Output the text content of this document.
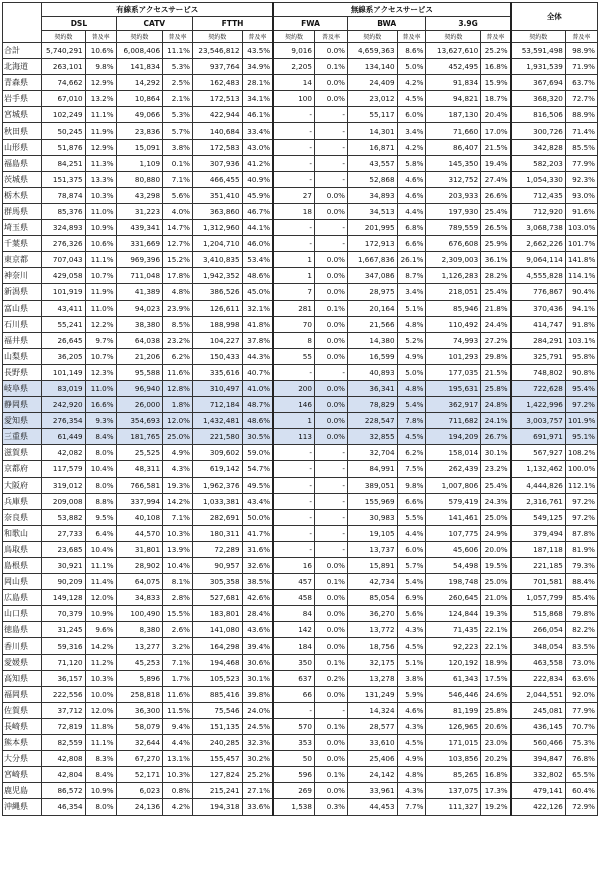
	有線系アクセスサービス						無線系アクセスサービス						全体	
	DSL		CATV		FTTH		FWA		BWA		3.9G			
	契約数	普及率	契約数	普及率	契約数	普及率	契約数	普及率	契約数	普及率	契約数	普及率	契約数	普及率
合計	5,740,291	10.6%	6,008,406	11.1%	23,546,812	43.5%	9,016	0.0%	4,659,363	8.6%	13,627,610	25.2%	53,591,498	98.9%
北海道	263,101	9.8%	141,834	5.3%	937,764	34.9%	2,205	0.1%	134,140	5.0%	452,495	16.8%	1,931,539	71.9%
青森県	74,662	12.9%	14,292	2.5%	162,483	28.1%	14	0.0%	24,409	4.2%	91,834	15.9%	367,694	63.7%
岩手県	67,010	13.2%	10,864	2.1%	172,513	34.1%	100	0.0%	23,012	4.5%	94,821	18.7%	368,320	72.7%
宮城県	102,249	11.1%	49,066	5.3%	422,944	46.1%	-	-	55,117	6.0%	187,130	20.4%	816,506	88.9%
秋田県	50,245	11.9%	23,836	5.7%	140,684	33.4%	-	-	14,301	3.4%	71,660	17.0%	300,726	71.4%
山形県	51,876	12.9%	15,091	3.8%	172,583	43.0%	-	-	16,871	4.2%	86,407	21.5%	342,828	85.5%
福島県	84,251	11.3%	1,109	0.1%	307,936	41.2%	-	-	43,557	5.8%	145,350	19.4%	582,203	77.9%
茨城県	151,375	13.3%	80,880	7.1%	466,455	40.9%	-	-	52,868	4.6%	312,752	27.4%	1,054,330	92.3%
栃木県	78,874	10.3%	43,298	5.6%	351,410	45.9%	27	0.0%	34,893	4.6%	203,933	26.6%	712,435	93.0%
群馬県	85,376	11.0%	31,223	4.0%	363,860	46.7%	18	0.0%	34,513	4.4%	197,930	25.4%	712,920	91.6%
埼玉県	324,893	10.9%	439,341	14.7%	1,312,960	44.1%	-	-	201,995	6.8%	789,559	26.5%	3,068,738	103.0%
千葉県	276,326	10.6%	331,669	12.7%	1,204,710	46.0%	-	-	172,913	6.6%	676,608	25.9%	2,662,226	101.7%
東京都	707,043	11.1%	969,396	15.2%	3,410,835	53.4%	1	0.0%	1,667,836	26.1%	2,309,003	36.1%	9,064,114	141.8%
神奈川	429,058	10.7%	711,048	17.8%	1,942,352	48.6%	1	0.0%	347,086	8.7%	1,126,283	28.2%	4,555,828	114.1%
新潟県	101,919	11.9%	41,389	4.8%	386,526	45.0%	7	0.0%	28,975	3.4%	218,051	25.4%	776,867	90.4%
富山県	43,411	11.0%	94,023	23.9%	126,611	32.1%	281	0.1%	20,164	5.1%	85,946	21.8%	370,436	94.1%
石川県	55,241	12.2%	38,380	8.5%	188,998	41.8%	70	0.0%	21,566	4.8%	110,492	24.4%	414,747	91.8%
福井県	26,645	9.7%	64,038	23.2%	104,227	37.8%	8	0.0%	14,380	5.2%	74,993	27.2%	284,291	103.1%
山梨県	36,205	10.7%	21,206	6.2%	150,433	44.3%	55	0.0%	16,599	4.9%	101,293	29.8%	325,791	95.8%
長野県	101,149	12.3%	95,588	11.6%	335,616	40.7%	-	-	40,893	5.0%	177,035	21.5%	748,802	90.8%
岐阜県	83,019	11.0%	96,940	12.8%	310,497	41.0%	200	0.0%	36,341	4.8%	195,631	25.8%	722,628	95.4%
静岡県	242,920	16.6%	26,000	1.8%	712,184	48.7%	146	0.0%	78,829	5.4%	362,917	24.8%	1,422,996	97.2%
愛知県	276,354	9.3%	354,693	12.0%	1,432,481	48.6%	1	0.0%	228,547	7.8%	711,682	24.1%	3,003,757	101.9%
三重県	61,449	8.4%	181,765	25.0%	221,580	30.5%	113	0.0%	32,855	4.5%	194,209	26.7%	691,971	95.1%
滋賀県	42,082	8.0%	25,525	4.9%	309,602	59.0%	-	-	32,704	6.2%	158,014	30.1%	567,927	108.2%
京都府	117,579	10.4%	48,311	4.3%	619,142	54.7%	-	-	84,991	7.5%	262,439	23.2%	1,132,462	100.0%
大阪府	319,012	8.0%	766,581	19.3%	1,962,376	49.5%	-	-	389,051	9.8%	1,007,806	25.4%	4,444,826	112.1%
兵庫県	209,008	8.8%	337,994	14.2%	1,033,381	43.4%	-	-	155,969	6.6%	579,419	24.3%	2,316,761	97.2%
奈良県	53,882	9.5%	40,108	7.1%	282,691	50.0%	-	-	30,983	5.5%	141,461	25.0%	549,125	97.2%
和歌山	27,733	6.4%	44,570	10.3%	180,311	41.7%	-	-	19,105	4.4%	107,775	24.9%	379,494	87.8%
鳥取県	23,685	10.4%	31,801	13.9%	72,289	31.6%	-	-	13,737	6.0%	45,606	20.0%	187,118	81.9%
島根県	30,921	11.1%	28,902	10.4%	90,957	32.6%	16	0.0%	15,891	5.7%	54,498	19.5%	221,185	79.3%
岡山県	90,209	11.4%	64,075	8.1%	305,358	38.5%	457	0.1%	42,734	5.4%	198,748	25.0%	701,581	88.4%
広島県	149,128	12.0%	34,833	2.8%	527,681	42.6%	458	0.0%	85,054	6.9%	260,645	21.0%	1,057,799	85.4%
山口県	70,379	10.9%	100,490	15.5%	183,801	28.4%	84	0.0%	36,270	5.6%	124,844	19.3%	515,868	79.8%
徳島県	31,245	9.6%	8,380	2.6%	141,080	43.6%	142	0.0%	13,772	4.3%	71,435	22.1%	266,054	82.2%
香川県	59,316	14.2%	13,277	3.2%	164,298	39.4%	184	0.0%	18,756	4.5%	92,223	22.1%	348,054	83.5%
愛媛県	71,120	11.2%	45,253	7.1%	194,468	30.6%	350	0.1%	32,175	5.1%	120,192	18.9%	463,558	73.0%
高知県	36,157	10.3%	5,896	1.7%	105,523	30.1%	637	0.2%	13,278	3.8%	61,343	17.5%	222,834	63.6%
福岡県	222,556	10.0%	258,818	11.6%	885,416	39.8%	66	0.0%	131,249	5.9%	546,446	24.6%	2,044,551	92.0%
佐賀県	37,712	12.0%	36,300	11.5%	75,546	24.0%	-	-	14,324	4.6%	81,199	25.8%	245,081	77.9%
長崎県	72,819	11.8%	58,079	9.4%	151,135	24.5%	570	0.1%	28,577	4.3%	126,965	20.6%	436,145	70.7%
熊本県	82,559	11.1%	32,644	4.4%	240,285	32.3%	353	0.0%	33,610	4.5%	171,015	23.0%	560,466	75.3%
大分県	42,808	8.3%	67,270	13.1%	155,457	30.2%	50	0.0%	25,406	4.9%	103,856	20.2%	394,847	76.8%
宮崎県	42,804	8.4%	52,171	10.3%	127,824	25.2%	596	0.1%	24,142	4.8%	85,265	16.8%	332,802	65.5%
鹿児島	86,572	10.9%	6,023	0.8%	215,241	27.1%	269	0.0%	33,961	4.3%	137,075	17.3%	479,141	60.4%
沖縄県	46,354	8.0%	24,136	4.2%	194,318	33.6%	1,538	0.3%	44,453	7.7%	111,327	19.2%	422,126	72.9%
